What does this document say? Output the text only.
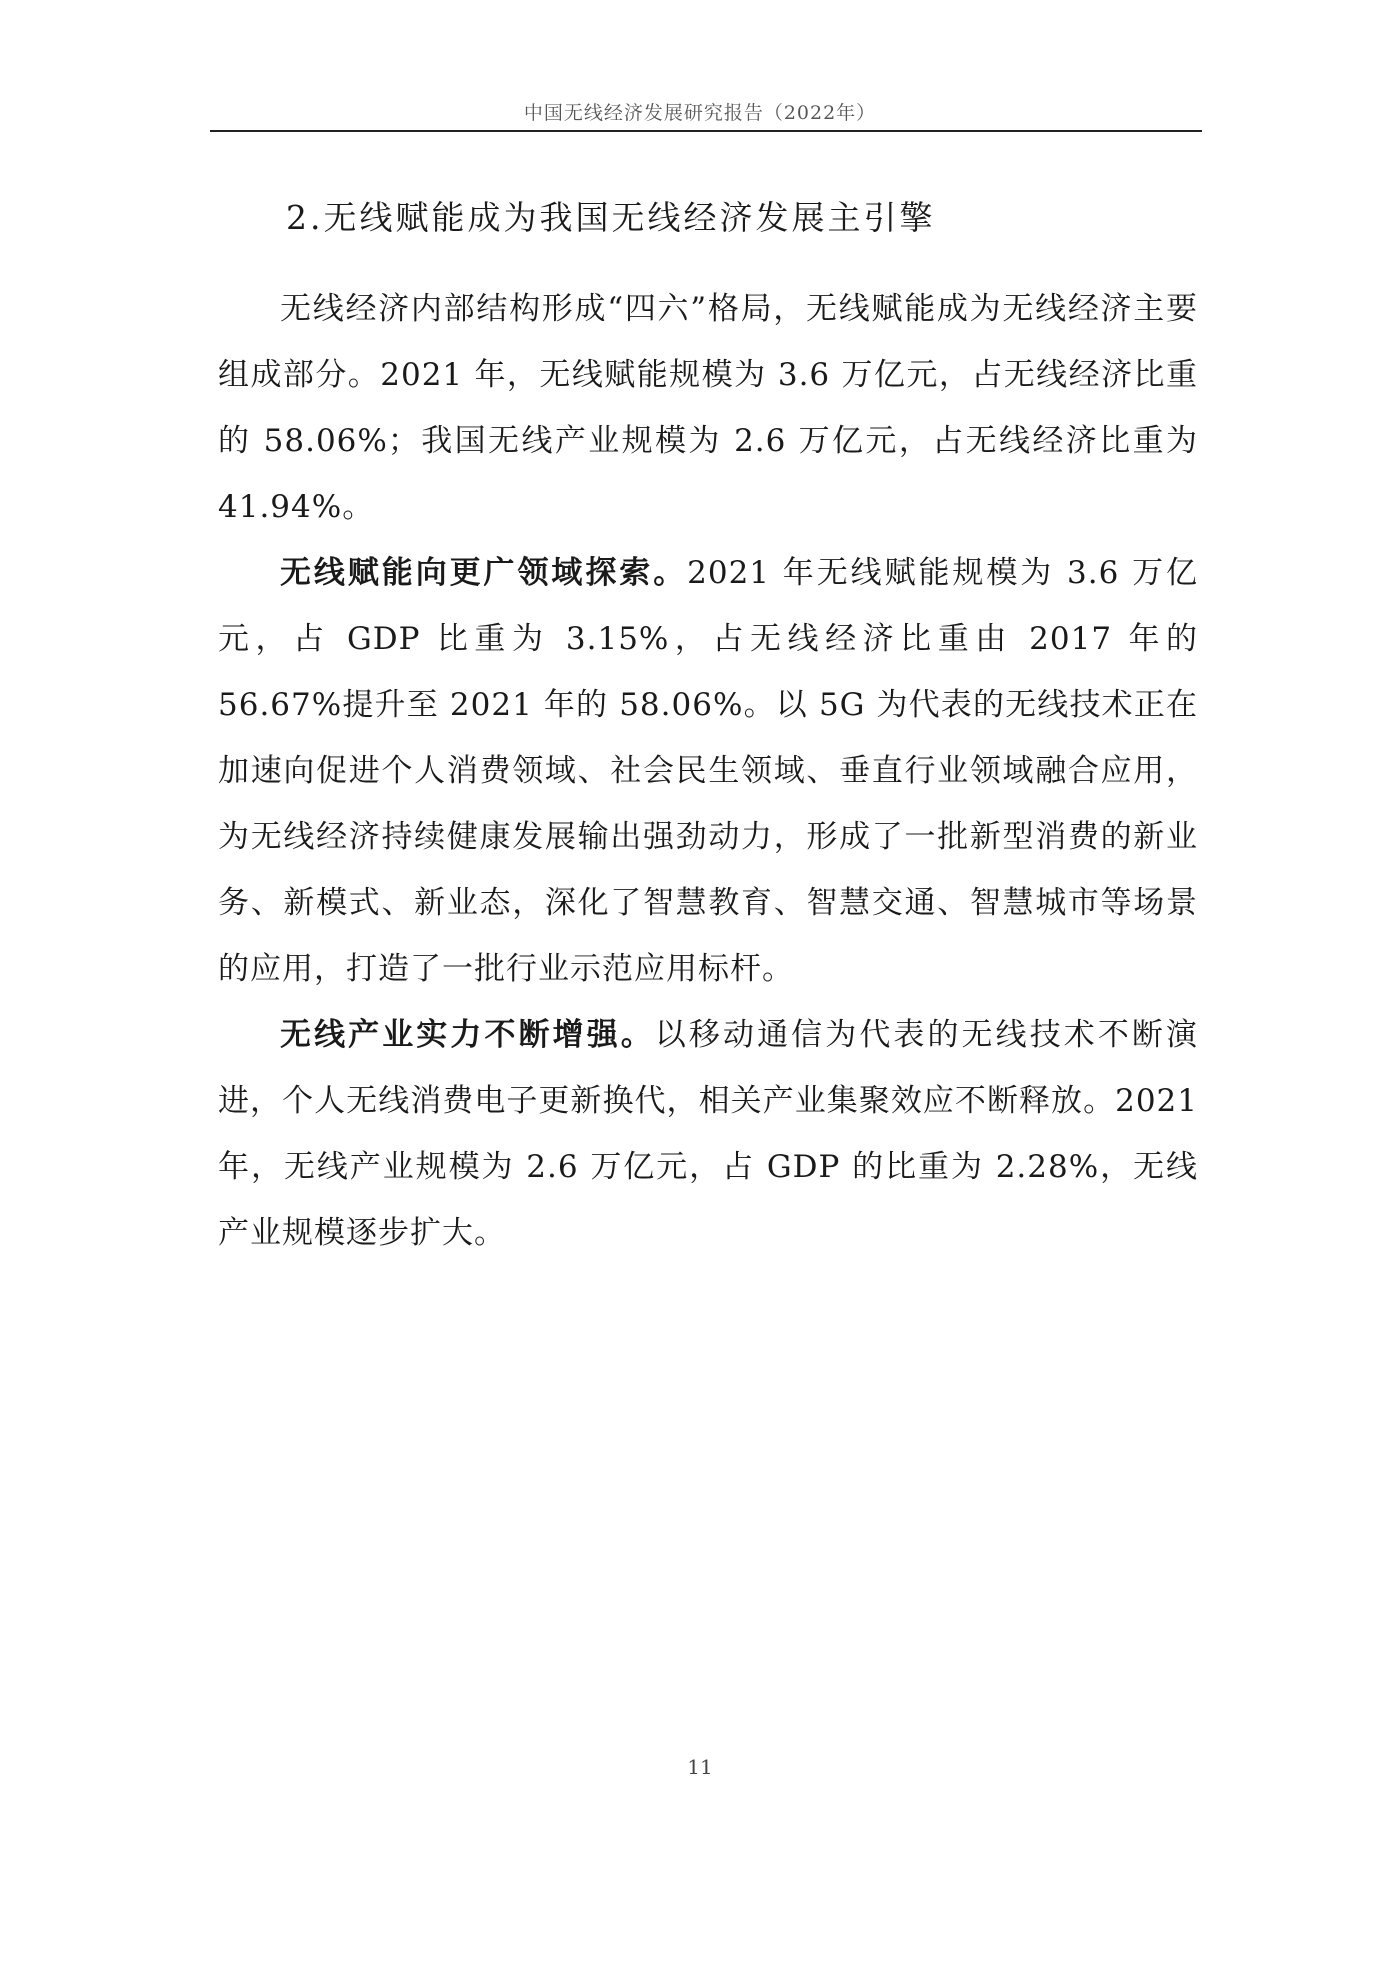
中国无线经济发展研究报告（2022年）
2.无线赋能成为我国无线经济发展主引擎

无线经济内部结构形成“四六”格局，无线赋能成为无线经济主要组成部分。2021 年，无线赋能规模为 3.6 万亿元，占无线经济比重的 58.06%；我国无线产业规模为 2.6 万亿元，占无线经济比重为 41.94%。

无线赋能向更广领域探索。2021 年无线赋能规模为 3.6 万亿元，占 GDP 比重为 3.15%，占无线经济比重由 2017 年的 56.67%提升至 2021 年的 58.06%。以 5G 为代表的无线技术正在加速向促进个人消费领域、社会民生领域、垂直行业领域融合应用，为无线经济持续健康发展输出强劲动力，形成了一批新型消费的新业务、新模式、新业态，深化了智慧教育、智慧交通、智慧城市等场景的应用，打造了一批行业示范应用标杆。

无线产业实力不断增强。以移动通信为代表的无线技术不断演进，个人无线消费电子更新换代，相关产业集聚效应不断释放。2021 年，无线产业规模为 2.6 万亿元，占 GDP 的比重为 2.28%，无线产业规模逐步扩大。

11
